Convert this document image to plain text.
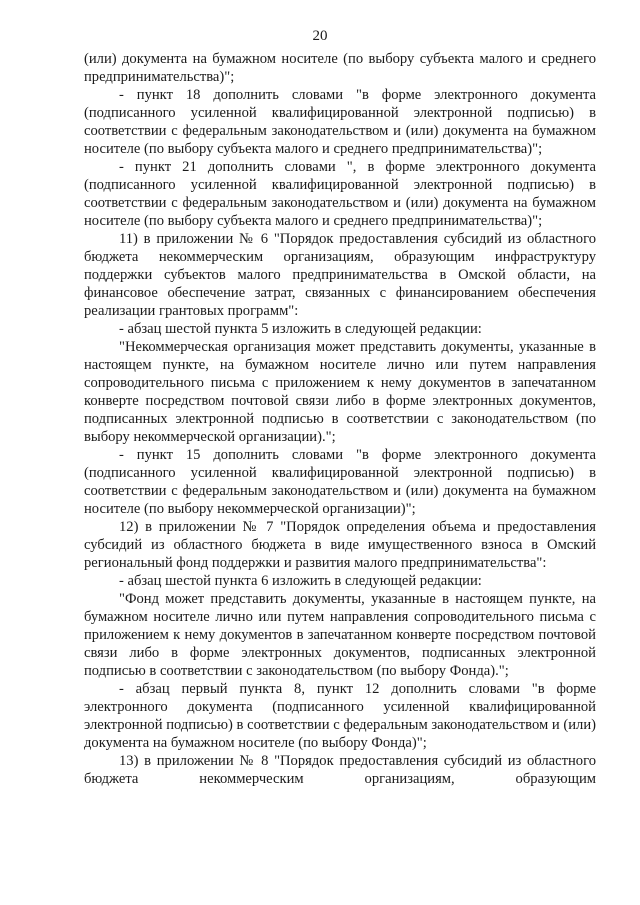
20

(или) документа на бумажном носителе (по выбору субъекта малого и среднего предпринимательства)";

- пункт 18 дополнить словами "в форме электронного документа (подписанного усиленной квалифицированной электронной подписью) в соответствии с федеральным законодательством и (или) документа на бумажном носителе (по выбору субъекта малого и среднего предпринимательства)";

- пункт 21 дополнить словами ", в форме электронного документа (подписанного усиленной квалифицированной электронной подписью) в соответствии с федеральным законодательством и (или) документа на бумажном носителе (по выбору субъекта малого и среднего предпринимательства)";

11) в приложении № 6 "Порядок предоставления субсидий из областного бюджета некоммерческим организациям, образующим инфраструктуру поддержки субъектов малого предпринимательства в Омской области, на финансовое обеспечение затрат, связанных с финансированием обеспечения реализации грантовых программ":

- абзац шестой пункта 5 изложить в следующей редакции:

"Некоммерческая организация может представить документы, указанные в настоящем пункте, на бумажном носителе лично или путем направления сопроводительного письма с приложением к нему документов в запечатанном конверте посредством почтовой связи либо в форме электронных документов, подписанных электронной подписью в соответствии с законодательством (по выбору некоммерческой организации).";

- пункт 15 дополнить словами "в форме электронного документа (подписанного усиленной квалифицированной электронной подписью) в соответствии с федеральным законодательством и (или) документа на бумажном носителе (по выбору некоммерческой организации)";

12) в приложении № 7 "Порядок определения объема и предоставления субсидий из областного бюджета в виде имущественного взноса в Омский региональный фонд поддержки и развития малого предпринимательства":

- абзац шестой пункта 6 изложить в следующей редакции:

"Фонд может представить документы, указанные в настоящем пункте, на бумажном носителе лично или путем направления сопроводительного письма с приложением к нему документов в запечатанном конверте посредством почтовой связи либо в форме электронных документов, подписанных электронной подписью в соответствии с законодательством (по выбору Фонда).";

- абзац первый пункта 8, пункт 12 дополнить словами "в форме электронного документа (подписанного усиленной квалифицированной электронной подписью) в соответствии с федеральным законодательством и (или) документа на бумажном носителе (по выбору Фонда)";

13) в приложении № 8 "Порядок предоставления субсидий из областного бюджета некоммерческим организациям, образующим
